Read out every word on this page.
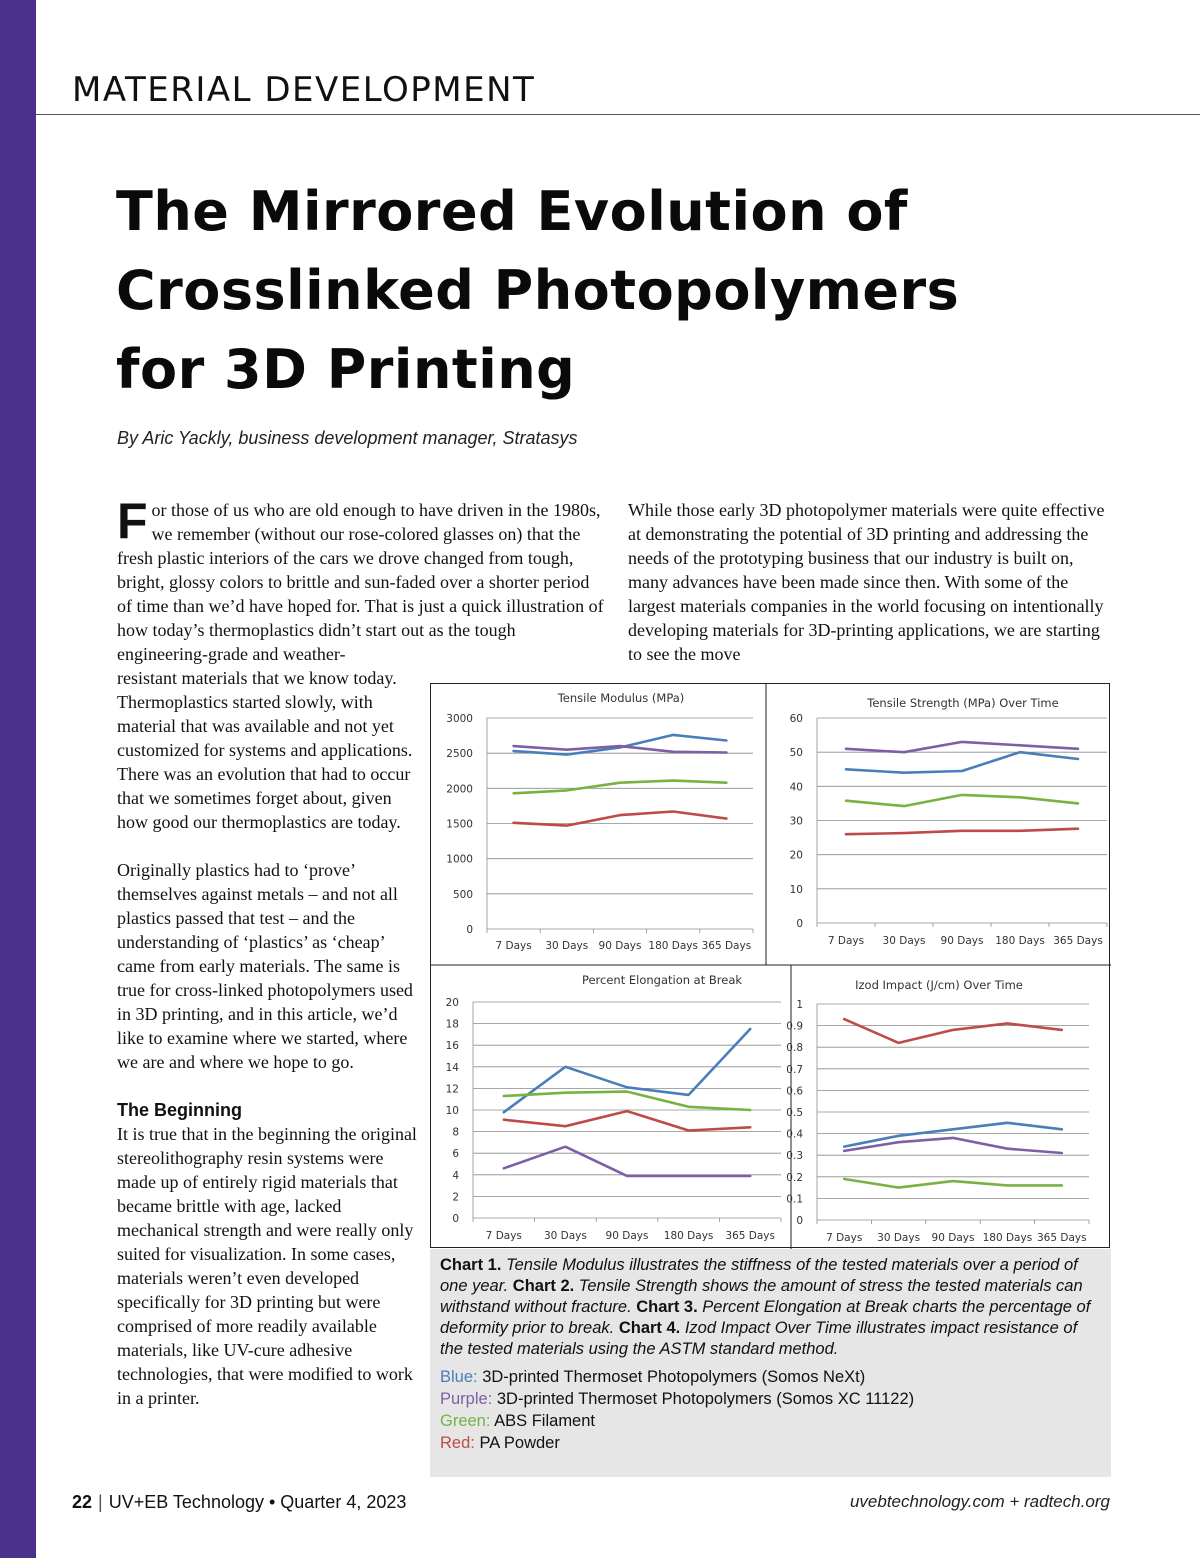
MATERIAL DEVELOPMENT
The Mirrored Evolution of Crosslinked Photopolymers for 3D Printing

By Aric Yackly, business development manager, Stratasys

For those of us who are old enough to have driven in the 1980s, we remember (without our rose-colored glasses on) that the fresh plastic interiors of the cars we drove changed from tough, bright, glossy colors to brittle and sun-faded over a shorter period of time than we’d have hoped for. That is just a quick illustration of how today’s thermoplastics didn’t start out as the tough engineering-grade and weather-

resistant materials that we know today. Thermoplastics started slowly, with material that was available and not yet customized for systems and applications. There was an evolution that had to occur that we sometimes forget about, given how good our thermoplastics are today.

Originally plastics had to ‘prove’ themselves against metals – and not all plastics passed that test – and the understanding of ‘plastics’ as ‘cheap’ came from early materials. The same is true for cross-linked photopolymers used in 3D printing, and in this article, we’d like to examine where we started, where we are and where we hope to go.

The Beginning

It is true that in the beginning the original stereolithography resin systems were made up of entirely rigid materials that became brittle with age, lacked mechanical strength and were really only suited for visualization. In some cases, materials weren’t even developed specifically for 3D printing but were comprised of more readily available materials, like UV-cure adhesive technologies, that were modified to work in a printer.

While those early 3D photopolymer materials were quite effective at demonstrating the potential of 3D printing and addressing the needs of the prototyping business that our industry is built on, many advances have been made since then. With some of the largest materials companies in the world focusing on intentionally developing materials for 3D-printing applications, we are starting to see the move

Tensile Modulus (MPa)
0
500
1000
1500
2000
2500
3000
7 Days 30 Days 90 Days 180 Days 365 Days
Tensile Strength (MPa) Over Time
0
10
20
30
40
50
60
7 Days 30 Days 90 Days 180 Days 365 Days
Percent Elongation at Break
0
2
4
6
8
10
12
14
16
18
20
7 Days 30 Days 90 Days 180 Days 365 Days
Izod Impact (J/cm) Over Time
0
0.1
0.2
0.3
0.4
0.5
0.6
0.7
0.8
0.9
1
7 Days 30 Days 90 Days 180 Days 365 Days

Chart 1. Tensile Modulus illustrates the stiffness of the tested materials over a period of one year. Chart 2. Tensile Strength shows the amount of stress the tested materials can withstand without fracture. Chart 3. Percent Elongation at Break charts the percentage of deformity prior to break. Chart 4. Izod Impact Over Time illustrates impact resistance of the tested materials using the ASTM standard method.

Blue: 3D-printed Thermoset Photopolymers (Somos NeXt)
Purple: 3D-printed Thermoset Photopolymers (Somos XC 11122)
Green: ABS Filament
Red: PA Powder
22 | UV+EB Technology • Quarter 4, 2023	uvebtechnology.com + radtech.org
